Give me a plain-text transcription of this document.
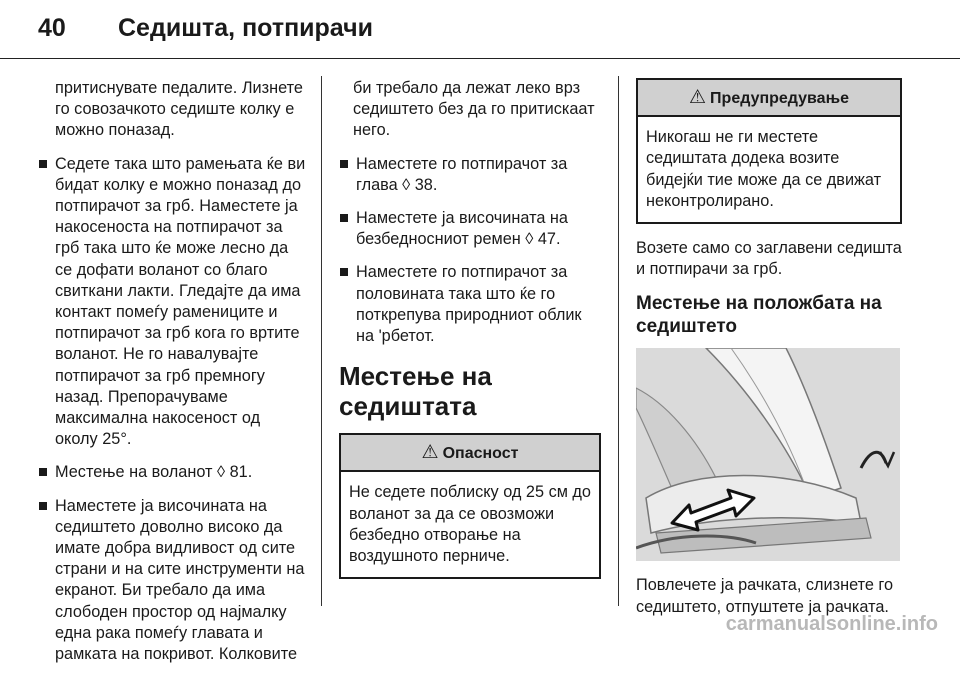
40 Седишта, потпирачи

притиснувате педалите. Лизнете го совозачкото седиште колку е можно поназад.

Седете така што рамењата ќе ви бидат колку е можно поназад до потпирачот за грб. Наместете ја накосеноста на потпирачот за грб така што ќе може лесно да се дофати воланот со благо свиткани лакти. Гледајте да има контакт помеѓу рамениците и потпирачот за грб кога го вртите воланот. Не го навалувајте потпирачот за грб премногу назад. Препорачуваме максимална накосеност од околу 25°.
Местење на воланот ◊ 81.
Наместете ја височината на седиштето доволно високо да имате добра видливост од сите страни и на сите инструменти на екранот. Би требало да има слободен простор од најмалку една рака помеѓу главата и рамката на покривот. Колковите

би требало да лежат леко врз седиштето без да го притискаат него.

Наместете го потпирачот за глава ◊ 38.
Наместете ја височината на безбедносниот ремен ◊ 47.
Наместете го потпирачот за половината така што ќе го поткрепува природниот облик на 'рбетот.
Местење на седиштата
⚠ Опасност
Не седете поблиску од 25 см до воланот за да се овозможи безбедно отворање на воздушното перниче.
⚠ Предупредување
Никогаш не ги местете седиштата додека возите бидејќи тие може да се движат неконтролирано.

Возете само со заглавени седишта и потпирачи за грб.

Местење на положбата на седиштето

Повлечете ја рачката, слизнете го седиштето, отпуштете ја рачката.

carmanualsonline.info
